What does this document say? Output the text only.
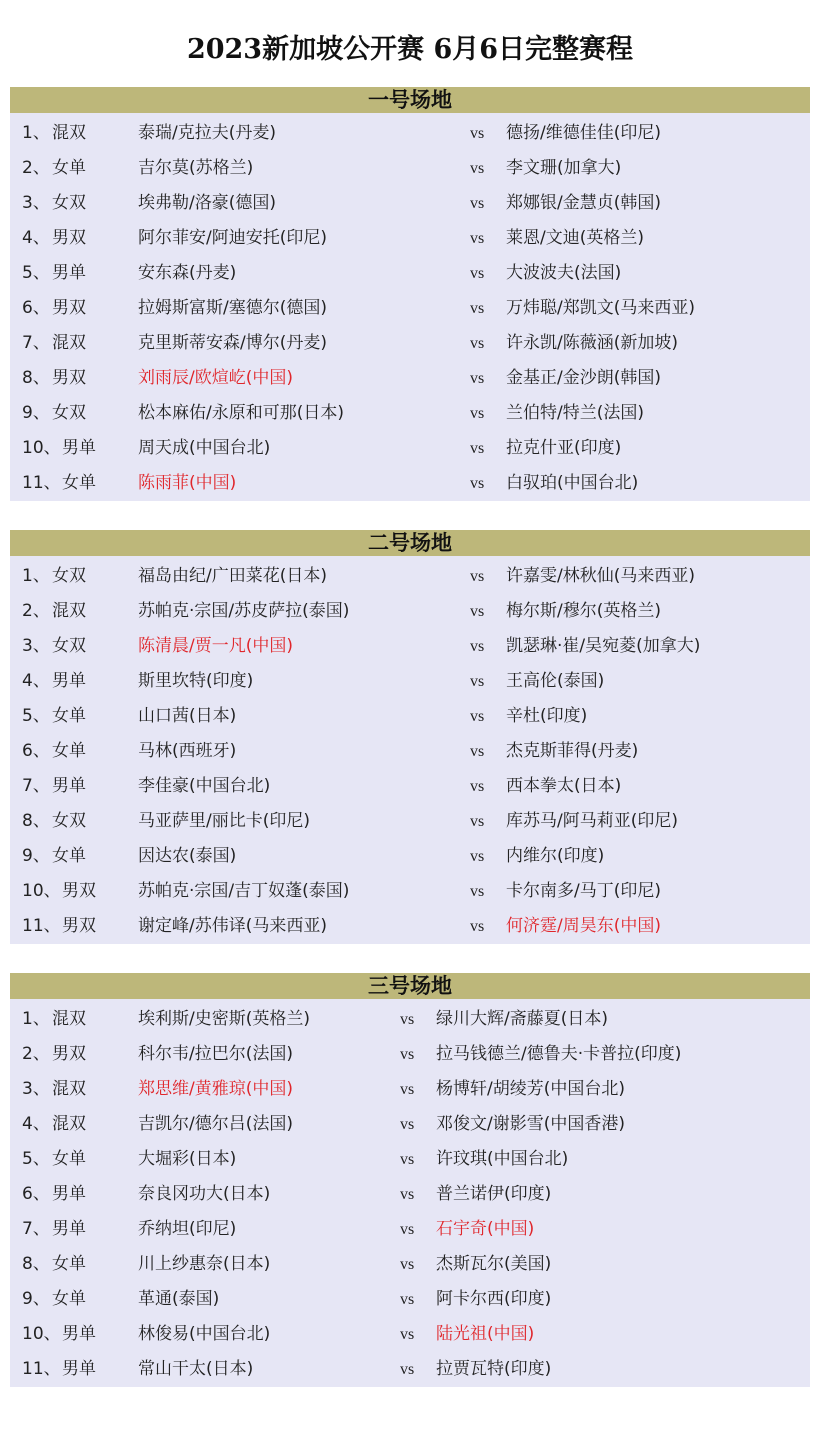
2023新加坡公开赛 6月6日完整赛程
一号场地
1、 混双	泰瑞/克拉夫(丹麦)	vs 德扬/维德佳佳(印尼)
2、 女单	吉尔莫(苏格兰)	vs 李文珊(加拿大)
3、 女双	埃弗勒/洛豪(德国)	vs 郑娜银/金慧贞(韩国)
4、 男双	阿尔菲安/阿迪安托(印尼)	vs 莱恩/文迪(英格兰)
5、 男单	安东森(丹麦)	vs 大波波夫(法国)
6、 男双	拉姆斯富斯/塞德尔(德国)	vs 万炜聪/郑凯文(马来西亚)
7、 混双	克里斯蒂安森/博尔(丹麦)	vs 许永凯/陈薇涵(新加坡)
8、 男双	刘雨辰/欧煊屹(中国)	vs 金基正/金沙朗(韩国)
9、 女双	松本麻佑/永原和可那(日本)	vs 兰伯特/特兰(法国)
10、 男单 周天成(中国台北)	vs 拉克什亚(印度)
11、 女单 陈雨菲(中国)	vs 白驭珀(中国台北)
二号场地
1、 女双	福岛由纪/广田菜花(日本)	vs 许嘉雯/林秋仙(马来西亚)
2、 混双	苏帕克·宗国/苏皮萨拉(泰国)	vs 梅尔斯/穆尔(英格兰)
3、 女双	陈清晨/贾一凡(中国)	vs 凯瑟琳·崔/吴宛菱(加拿大)
4、 男单	斯里坎特(印度)	vs 王高伦(泰国)
5、 女单	山口茜(日本)	vs 辛杜(印度)
6、 女单	马林(西班牙)	vs 杰克斯菲得(丹麦)
7、 男单	李佳豪(中国台北)	vs 西本拳太(日本)
8、 女双	马亚萨里/丽比卡(印尼)	vs 库苏马/阿马莉亚(印尼)
9、 女单	因达农(泰国)	vs 内维尔(印度)
10、 男双 苏帕克·宗国/吉丁奴蓬(泰国)	vs 卡尔南多/马丁(印尼)
11、 男双 谢定峰/苏伟译(马来西亚)	vs 何济霆/周昊东(中国)
三号场地
1、 混双	埃利斯/史密斯(英格兰)	vs 绿川大辉/斋藤夏(日本)
2、 男双	科尔韦/拉巴尔(法国)	vs 拉马钱德兰/德鲁夫·卡普拉(印度)
3、 混双	郑思维/黄雅琼(中国)	vs 杨博轩/胡绫芳(中国台北)
4、 混双	吉凯尔/德尔吕(法国)	vs 邓俊文/谢影雪(中国香港)
5、 女单	大堀彩(日本)	vs 许玟琪(中国台北)
6、 男单	奈良冈功大(日本)	vs 普兰诺伊(印度)
7、 男单	乔纳坦(印尼)	vs 石宇奇(中国)
8、 女单	川上纱惠奈(日本)	vs 杰斯瓦尔(美国)
9、 女单	革通(泰国)	vs 阿卡尔西(印度)
10、 男单 林俊易(中国台北)	vs 陆光祖(中国)
11、 男单 常山干太(日本)	vs 拉贾瓦特(印度)
